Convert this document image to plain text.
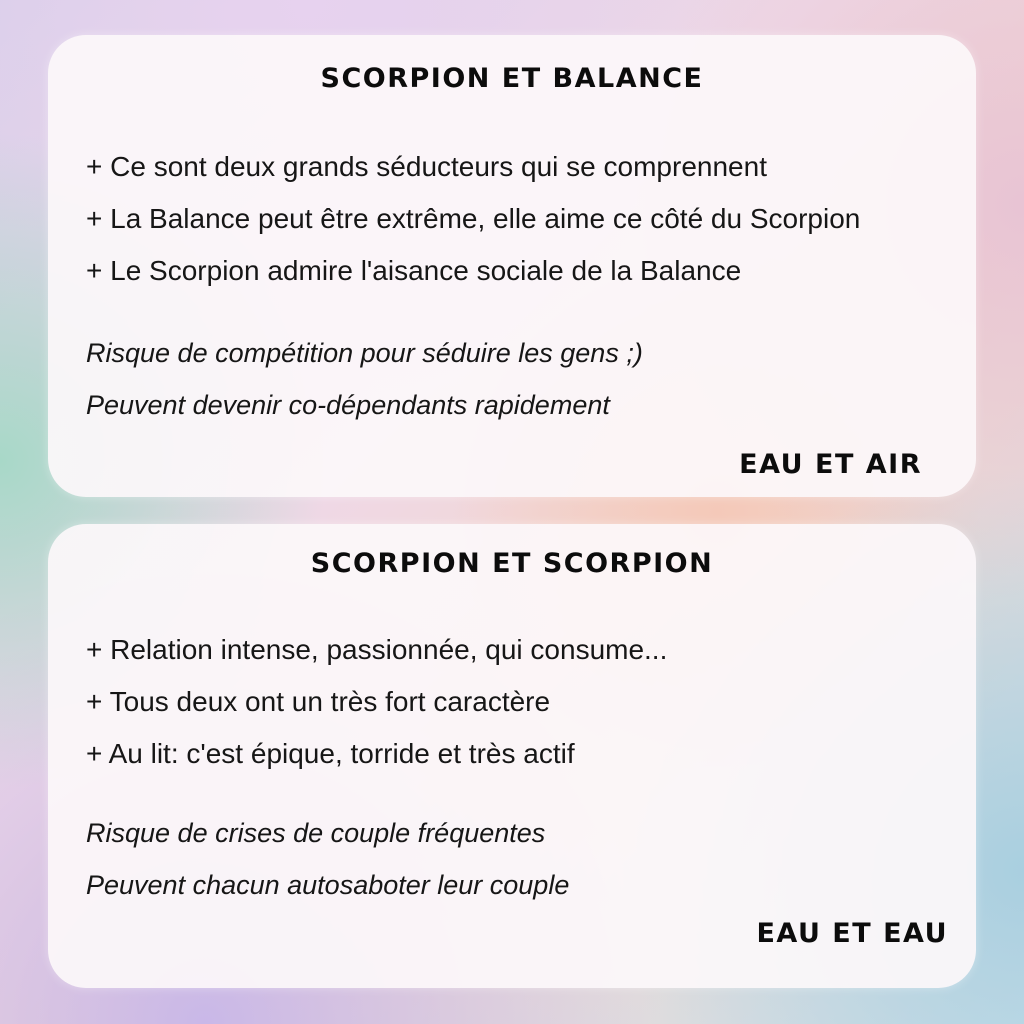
SCORPION ET BALANCE
+ Ce sont deux grands séducteurs qui se comprennent
+ La Balance peut être extrême, elle aime ce côté du Scorpion
+ Le Scorpion admire l'aisance sociale de la Balance
Risque de compétition pour séduire les gens ;)
Peuvent devenir co-dépendants rapidement
EAU ET AIR
SCORPION ET SCORPION
+ Relation intense, passionnée, qui consume...
+ Tous deux ont un très fort caractère
+ Au lit: c'est épique, torride et très actif
Risque de crises de couple fréquentes
Peuvent chacun autosaboter leur couple
EAU ET EAU
